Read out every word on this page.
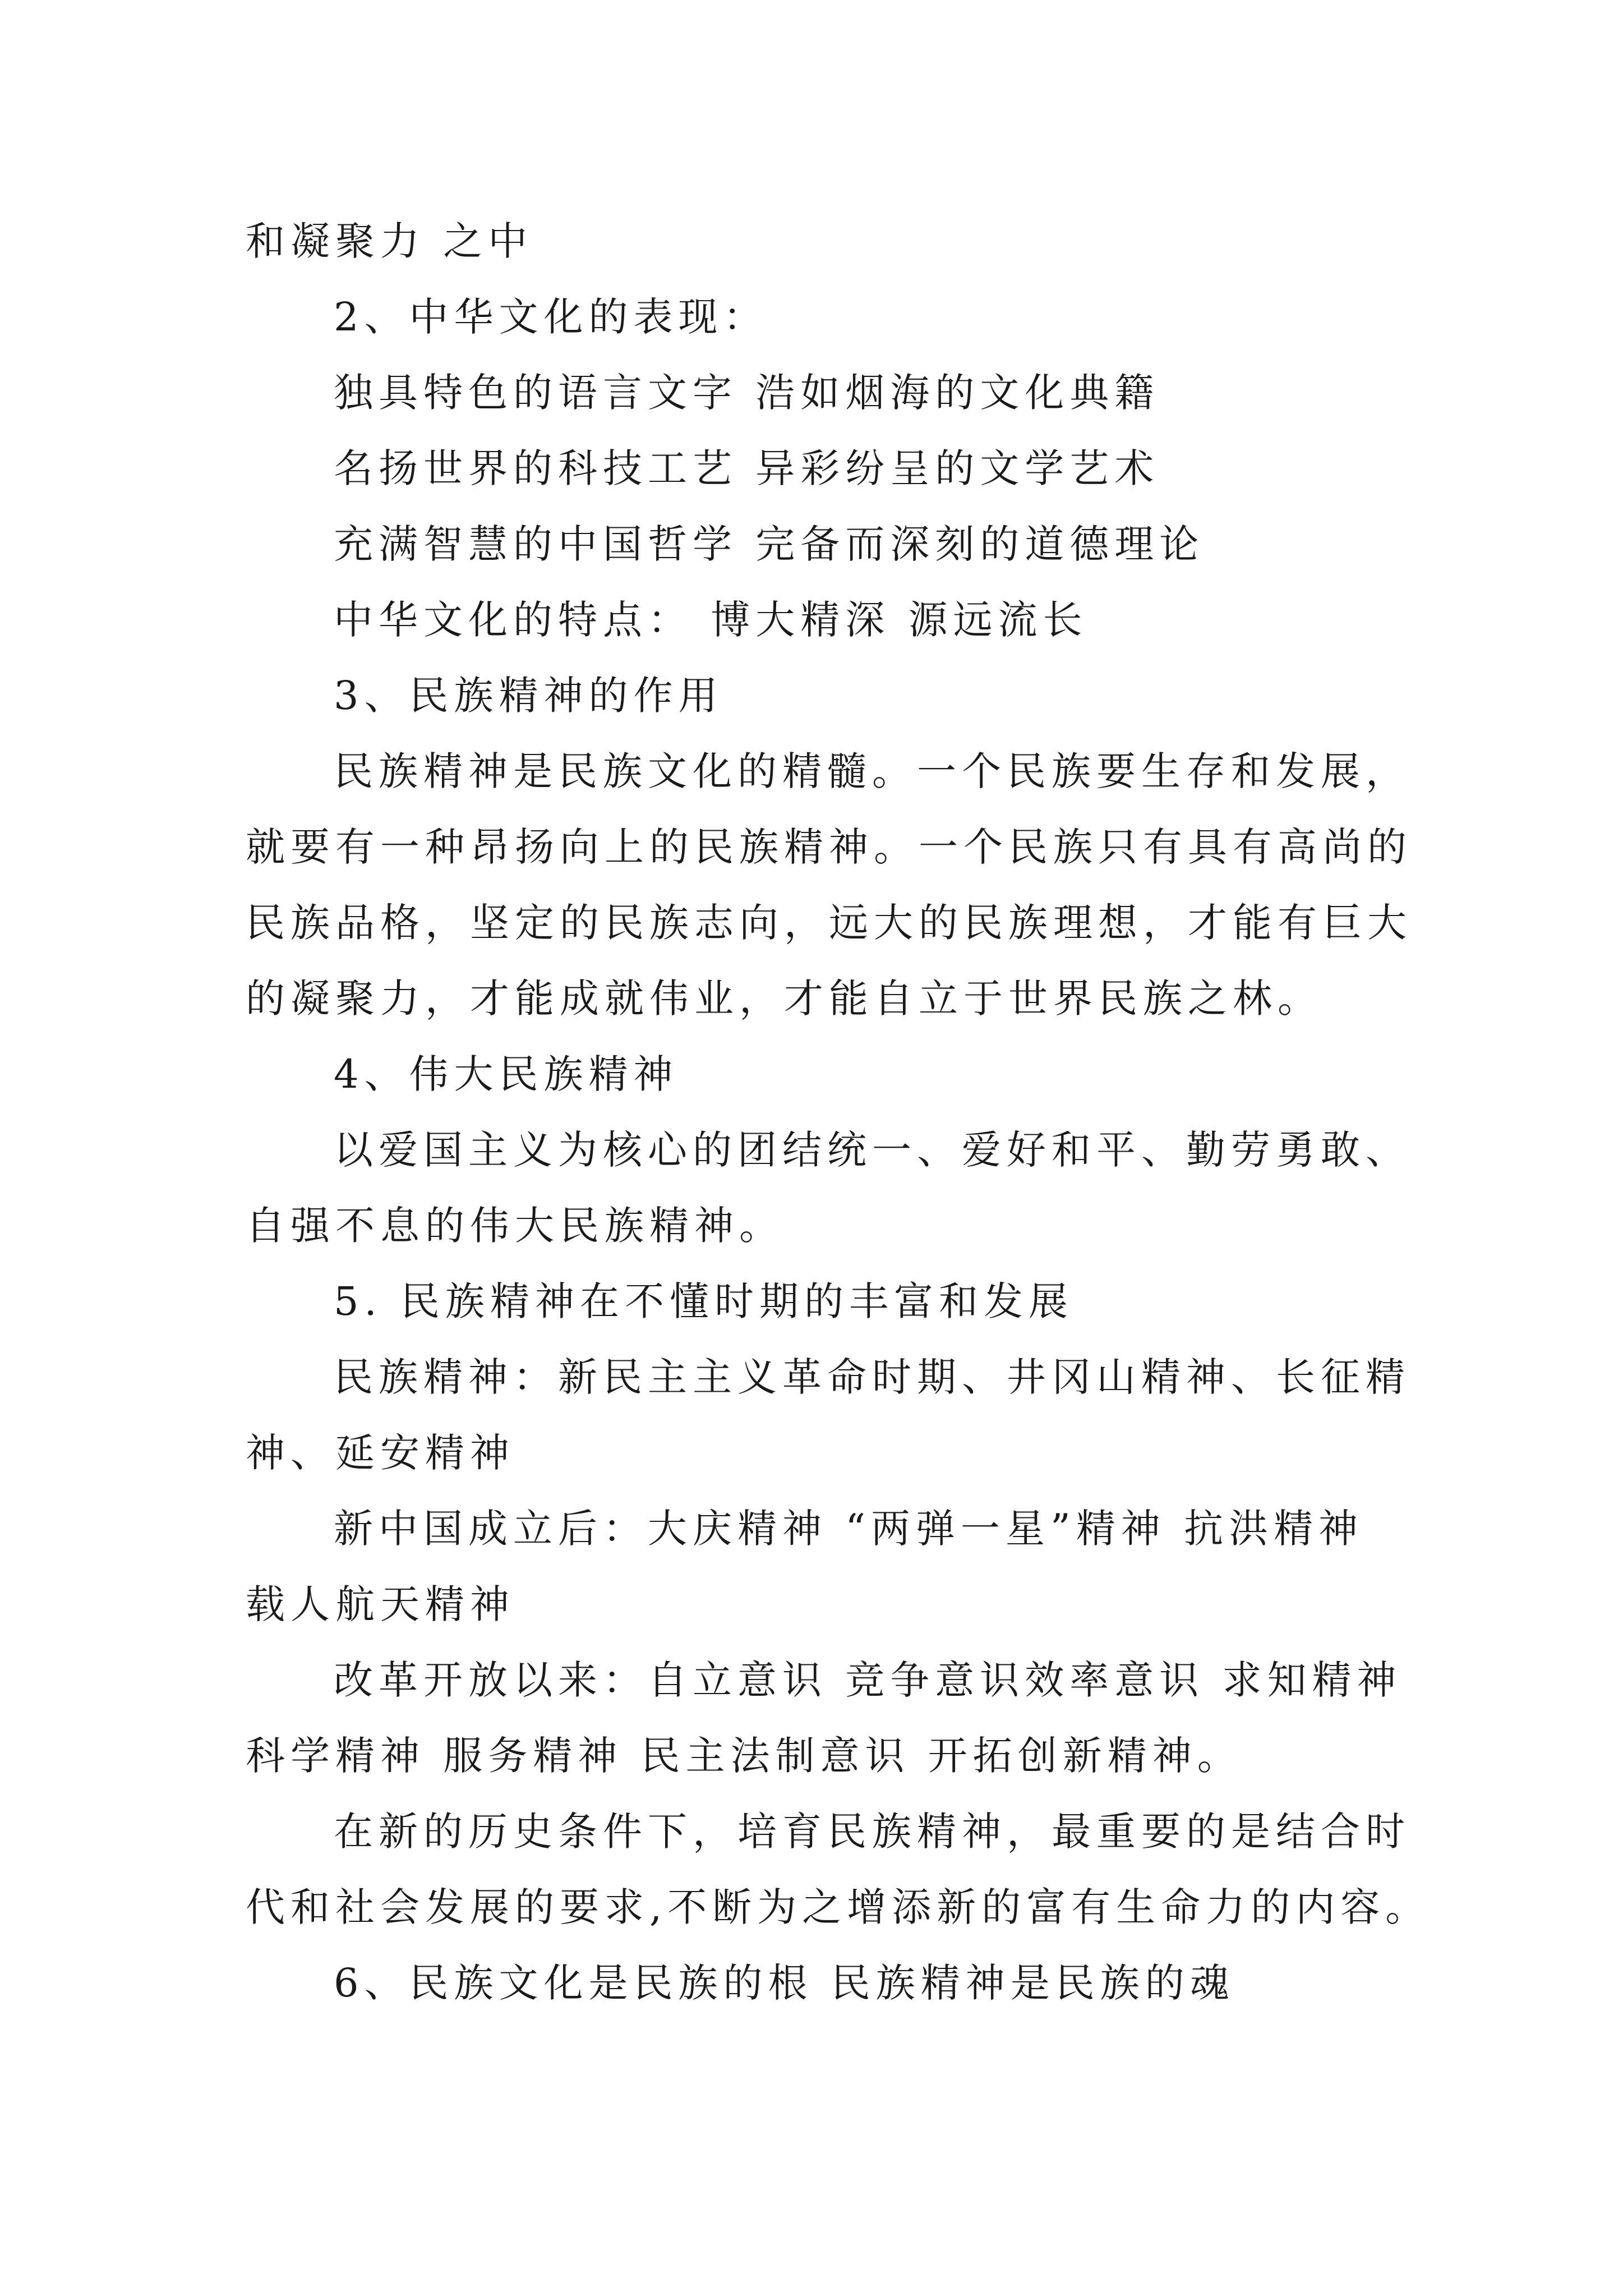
和凝聚力 之中
2、中华文化的表现：
独具特色的语言文字 浩如烟海的文化典籍
名扬世界的科技工艺 异彩纷呈的文学艺术
充满智慧的中国哲学 完备而深刻的道德理论
中华文化的特点： 博大精深 源远流长
3、民族精神的作用
民族精神是民族文化的精髓。一个民族要生存和发展，
就要有一种昂扬向上的民族精神。一个民族只有具有高尚的
民族品格，坚定的民族志向，远大的民族理想，才能有巨大
的凝聚力，才能成就伟业，才能自立于世界民族之林。
4、伟大民族精神
以爱国主义为核心的团结统一、爱好和平、勤劳勇敢、
自强不息的伟大民族精神。
5. 民族精神在不懂时期的丰富和发展
民族精神：新民主主义革命时期、井冈山精神、长征精
神、延安精神
新中国成立后：大庆精神 “两弹一星”精神 抗洪精神
载人航天精神
改革开放以来：自立意识 竞争意识效率意识 求知精神
科学精神 服务精神 民主法制意识 开拓创新精神。
在新的历史条件下，培育民族精神，最重要的是结合时
代和社会发展的要求,不断为之增添新的富有生命力的内容。
6、民族文化是民族的根 民族精神是民族的魂
